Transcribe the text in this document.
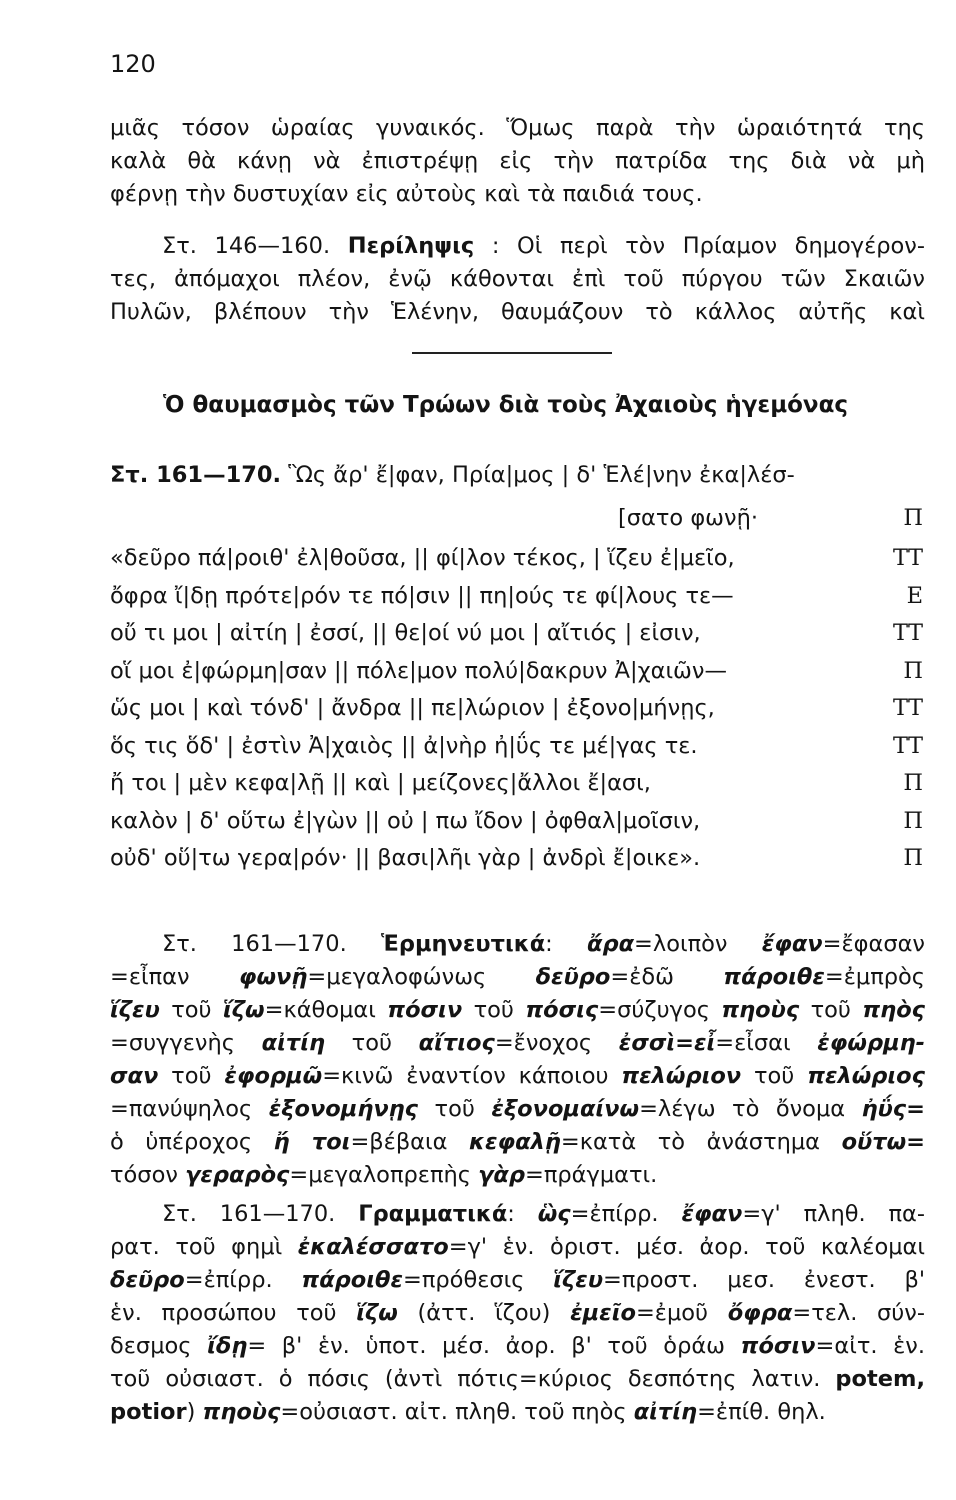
120
μιᾶς τόσον ὡραίας γυναικός. Ὅμως παρὰ τὴν ὡραιότητά της
καλὰ θὰ κάνῃ νὰ ἐπιστρέψῃ εἰς τὴν πατρίδα της διὰ νὰ μὴ
φέρνῃ τὴν δυστυχίαν εἰς αὐτοὺς καὶ τὰ παιδιά τους.
Στ. 146—160. Περίληψις : Οἱ περὶ τὸν Πρίαμον δημογέρον-
τες, ἀπόμαχοι πλέον, ἐνῷ κάθονται ἐπὶ τοῦ πύργου τῶν Σκαιῶν
Πυλῶν, βλέπουν τὴν Ἑλένην, θαυμάζουν τὸ κάλλος αὐτῆς καὶ
Ὁ θαυμασμὸς τῶν Τρώων διὰ τοὺς Ἀχαιοὺς ἡγεμόνας
Στ. 161—170. Ὣς ἄρ' ἔ|φαν, Πρία|μος | δ' Ἑλέ|νην ἐκα|λέσ-
[σατο φωνῇ·	Π
«δεῦρο πά|ροιθ' ἐλ|θοῦσα, || φί|λον τέκος, | ἵζευ ἐ|μεῖο,	ΤΤ
ὄφρα ἴ|δῃ πρότε|ρόν τε πό|σιν || πη|ούς τε φί|λους τε—	Ε
οὔ τι μοι | αἰτίη | ἐσσί, || θε|οί νύ μοι | αἴτιός | εἰσιν,	ΤΤ
οἵ μοι ἐ|φώρμη|σαν || πόλε|μον πολύ|δακρυν Ἀ|χαιῶν—	Π
ὥς μοι | καὶ τόνδ' | ἄνδρα || πε|λώριον | ἐξονο|μήνῃς,	ΤΤ
ὅς τις ὅδ' | ἐστὶν Ἀ|χαιὸς || ἀ|νὴρ ἠ|ΰς τε μέ|γας τε.	ΤΤ
ἤ τοι | μὲν κεφα|λῇ || καὶ | μείζονες|ἄλλοι ἔ|ασι,	Π
καλὸν | δ' οὕτω ἐ|γὼν || οὐ | πω ἴδον | ὀφθαλ|μοῖσιν,	Π
οὐδ' οὕ|τω γερα|ρόν· || βασι|λῆι γὰρ | ἀνδρὶ ἔ|οικε».	Π
Στ. 161—170. Ἑρμηνευτικά: ἄρα=λοιπὸν ἔφαν=ἔφασαν
=εἶπαν φωνῇ=μεγαλοφώνως δεῦρο=ἐδῶ πάροιθε=ἐμπρὸς
ἵζευ τοῦ ἵζω=κάθομαι πόσιν τοῦ πόσις=σύζυγος πηοὺς τοῦ πηὸς
=συγγενὴς αἰτίη τοῦ αἴτιος=ἔνοχος ἐσσὶ=εἶ=εἶσαι ἐφώρμη-
σαν τοῦ ἐφορμῶ=κινῶ ἐναντίον κάποιου πελώριον τοῦ πελώριος
=πανύψηλος ἐξονομήνῃς τοῦ ἐξονομαίνω=λέγω τὸ ὄνομα ἠΰς=
ὁ ὑπέροχος ἤ τοι=βέβαια κεφαλῇ=κατὰ τὸ ἀνάστημα οὕτω=
τόσον γεραρὸς=μεγαλοπρεπὴς γὰρ=πράγματι.
Στ. 161—170. Γραμματικά: ὣς=ἐπίρρ. ἔφαν=γ' πληθ. πα-
ρατ. τοῦ φημὶ ἐκαλέσσατο=γ' ἑν. ὁριστ. μέσ. ἀορ. τοῦ καλέομαι
δεῦρο=ἐπίρρ. πάροιθε=πρόθεσις ἵζευ=προστ. μεσ. ἐνεστ. β'
ἑν. προσώπου τοῦ ἵζω (ἀττ. ἵζου) ἐμεῖο=ἐμοῦ ὄφρα=τελ. σύν-
δεσμος ἴδῃ= β' ἑν. ὑποτ. μέσ. ἀορ. β' τοῦ ὁράω πόσιν=αἰτ. ἑν.
τοῦ οὐσιαστ. ὁ πόσις (ἀντὶ πότις=κύριος δεσπότης λατιν. potem,
potior) πηοὺς=οὐσιαστ. αἰτ. πληθ. τοῦ πηὸς αἰτίη=ἐπίθ. θηλ.
